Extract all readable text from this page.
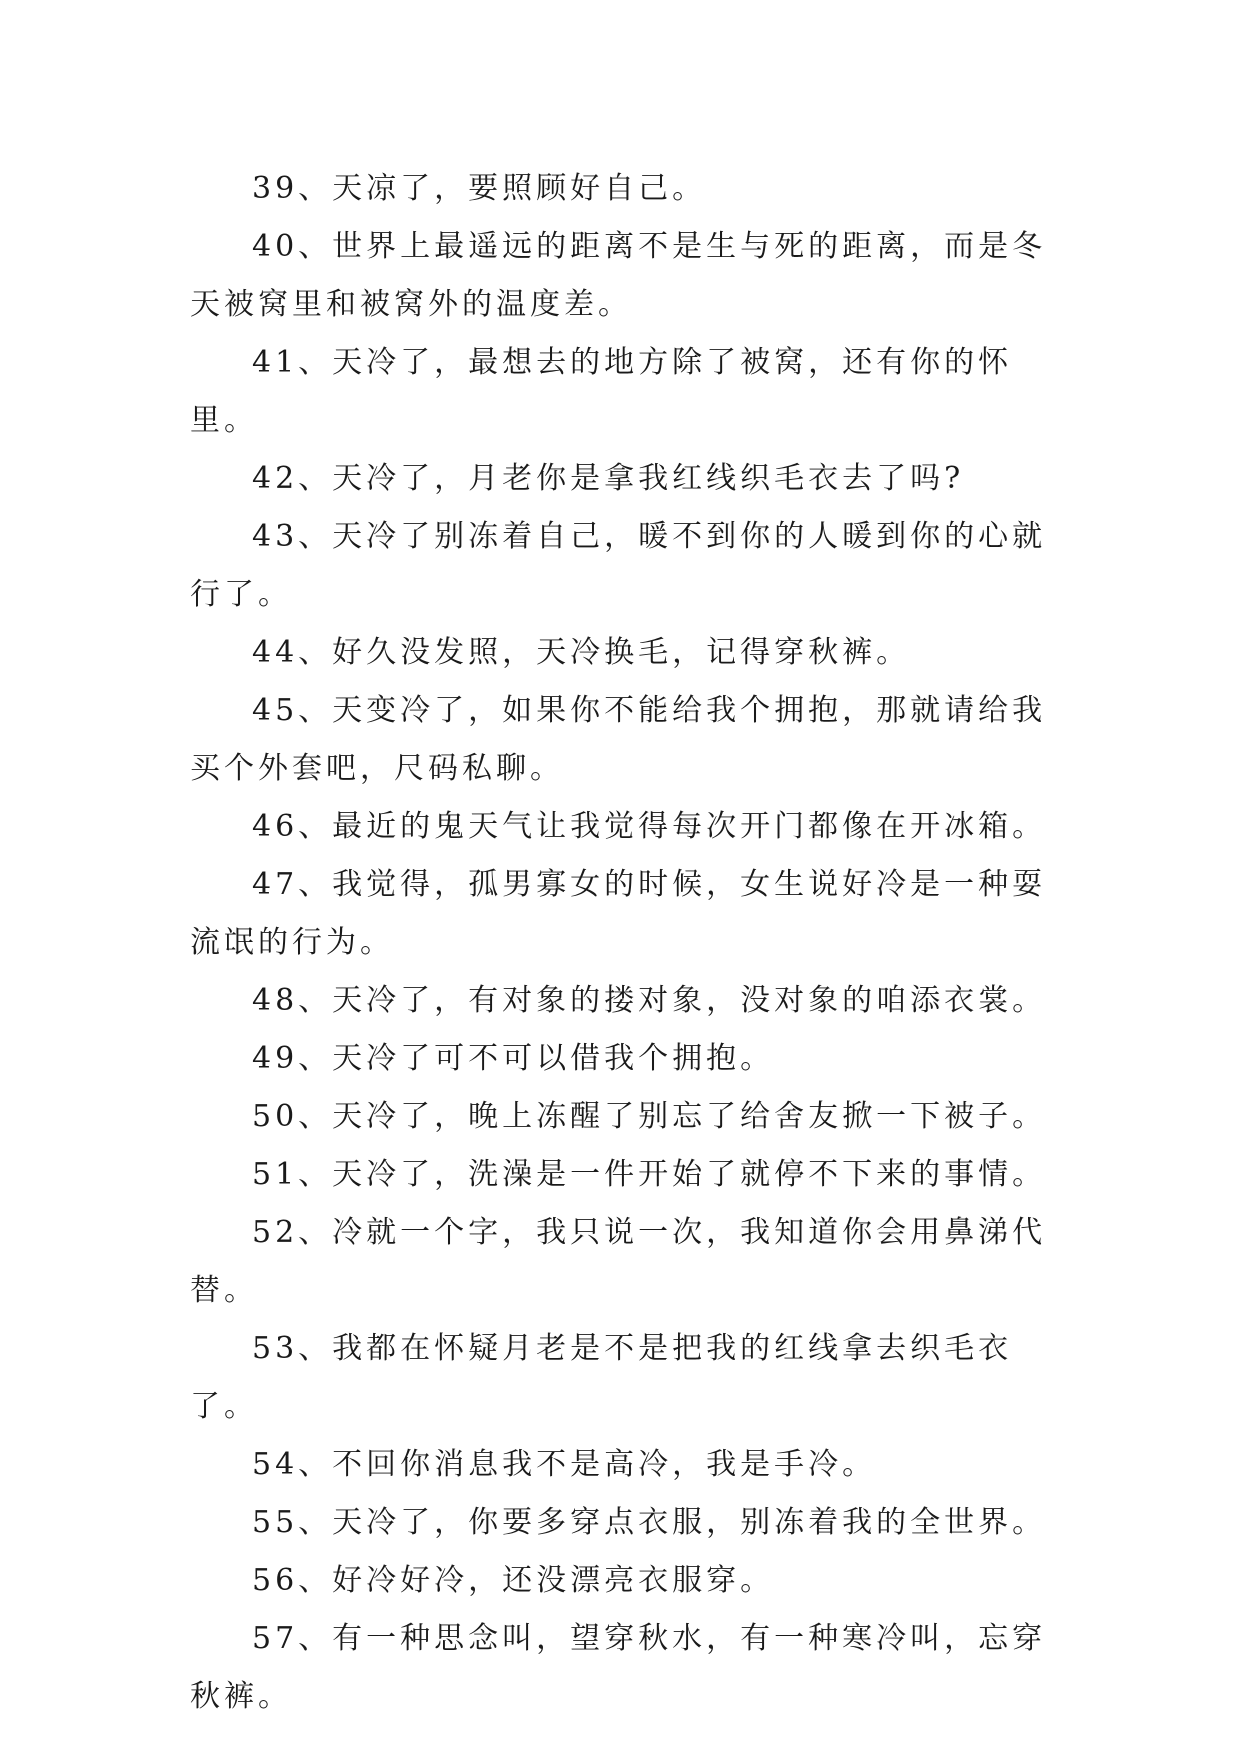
39、天凉了，要照顾好自己。

40、世界上最遥远的距离不是生与死的距离，而是冬天被窝里和被窝外的温度差。

41、天冷了，最想去的地方除了被窝，还有你的怀里。

42、天冷了，月老你是拿我红线织毛衣去了吗?

43、天冷了别冻着自己，暖不到你的人暖到你的心就行了。

44、好久没发照，天冷换毛，记得穿秋裤。

45、天变冷了，如果你不能给我个拥抱，那就请给我买个外套吧，尺码私聊。

46、最近的鬼天气让我觉得每次开门都像在开冰箱。

47、我觉得，孤男寡女的时候，女生说好冷是一种耍流氓的行为。

48、天冷了，有对象的搂对象，没对象的咱添衣裳。

49、天冷了可不可以借我个拥抱。

50、天冷了，晚上冻醒了别忘了给舍友掀一下被子。

51、天冷了，洗澡是一件开始了就停不下来的事情。

52、冷就一个字，我只说一次，我知道你会用鼻涕代替。

53、我都在怀疑月老是不是把我的红线拿去织毛衣了。

54、不回你消息我不是高冷，我是手冷。

55、天冷了，你要多穿点衣服，别冻着我的全世界。

56、好冷好冷，还没漂亮衣服穿。

57、有一种思念叫，望穿秋水，有一种寒冷叫，忘穿秋裤。
